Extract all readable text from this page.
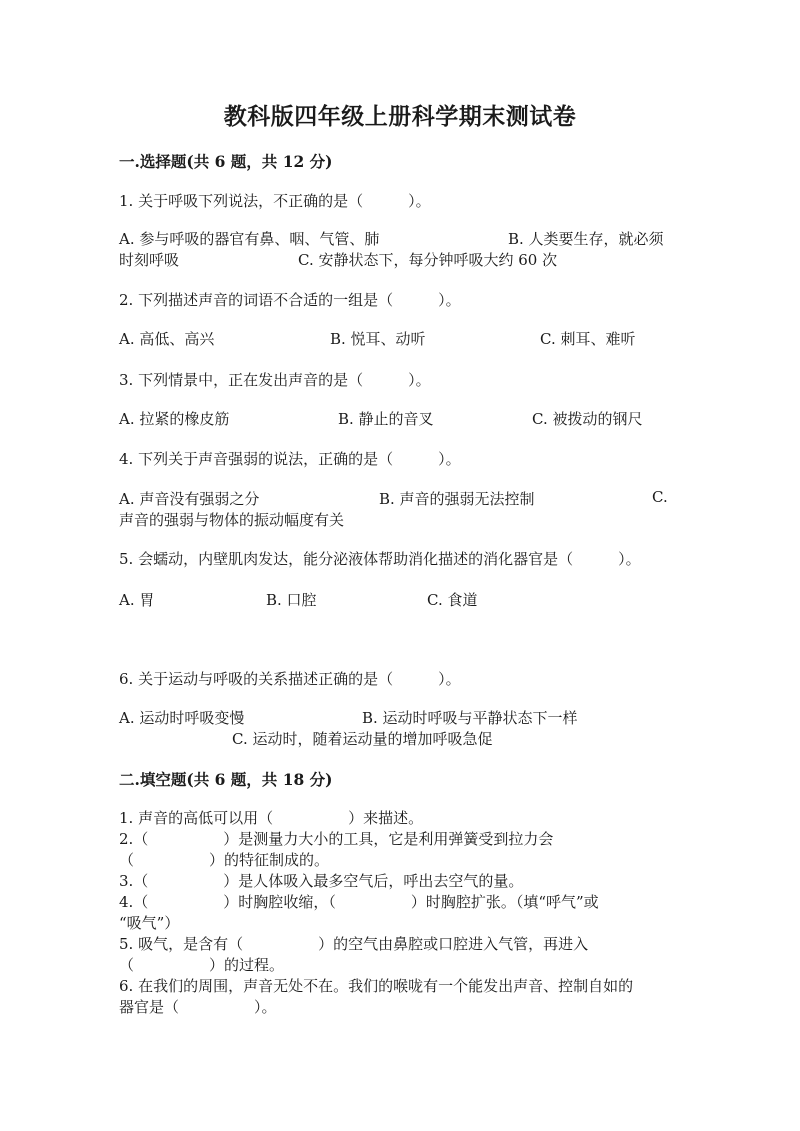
教科版四年级上册科学期末测试卷
一.选择题(共 6 题，共 12 分)
1. 关于呼吸下列说法，不正确的是（　　　）。
A. 参与呼吸的器官有鼻、咽、气管、肺	B. 人类要生存，就必须
时刻呼吸	C. 安静状态下，每分钟呼吸大约 60 次
2. 下列描述声音的词语不合适的一组是（　　　）。
A. 高低、高兴	B. 悦耳、动听	C. 刺耳、难听
3. 下列情景中，正在发出声音的是（　　　）。
A. 拉紧的橡皮筋	B. 静止的音叉	C. 被拨动的钢尺
4. 下列关于声音强弱的说法，正确的是（　　　）。
A. 声音没有强弱之分	B. 声音的强弱无法控制	C.
声音的强弱与物体的振动幅度有关
5. 会蠕动，内壁肌肉发达，能分泌液体帮助消化描述的消化器官是（　　　）。
A. 胃	B. 口腔	C. 食道
6. 关于运动与呼吸的关系描述正确的是（　　　）。
A. 运动时呼吸变慢	B. 运动时呼吸与平静状态下一样
C. 运动时，随着运动量的增加呼吸急促
二.填空题(共 6 题，共 18 分)
1. 声音的高低可以用（　　　　　）来描述。
2.（　　　　　）是测量力大小的工具，它是利用弹簧受到拉力会
（　　　　　）的特征制成的。
3.（　　　　　）是人体吸入最多空气后，呼出去空气的量。
4.（　　　　　）时胸腔收缩，（　　　　　）时胸腔扩张。（填“呼气”或
“吸气”）
5. 吸气，是含有（　　　　　）的空气由鼻腔或口腔进入气管，再进入
（　　　　　）的过程。
6. 在我们的周围，声音无处不在。我们的喉咙有一个能发出声音、控制自如的
器官是（　　　　　）。
